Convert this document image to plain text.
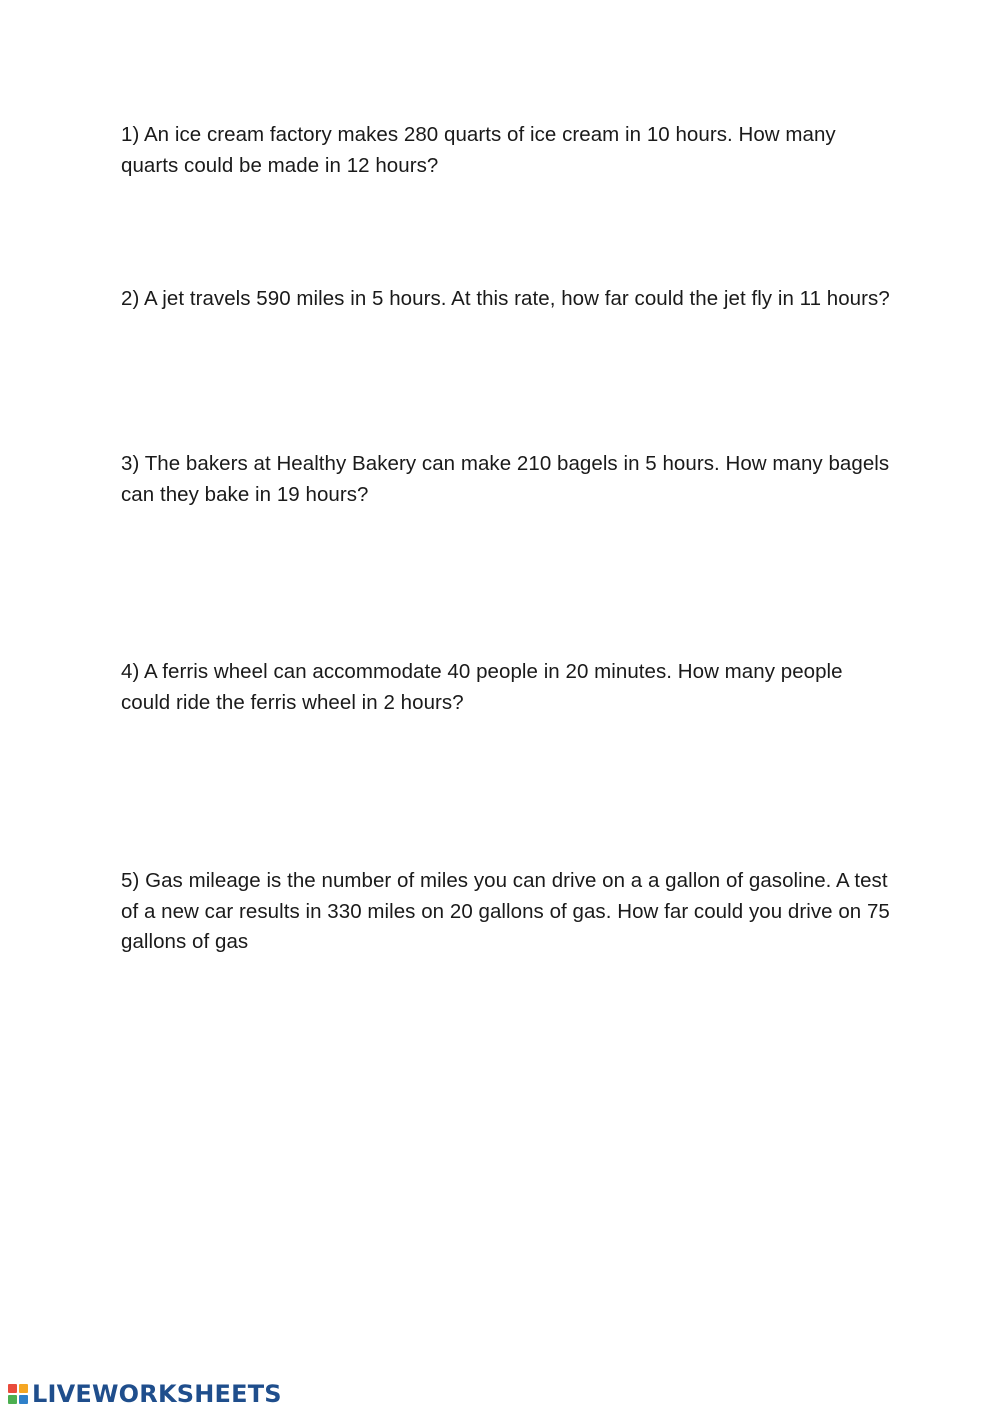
1) An ice cream factory makes 280 quarts of ice cream in 10 hours. How many quarts could be made in 12 hours?

2) A jet travels 590 miles in 5 hours. At this rate, how far could the jet fly in 11 hours?

3) The bakers at Healthy Bakery can make 210 bagels in 5 hours. How many bagels can they bake in 19 hours?

4) A ferris wheel can accommodate 40 people in 20 minutes. How many people could ride the ferris wheel in 2 hours?

5) Gas mileage is the number of miles you can drive on a a gallon of gasoline. A test of a new car results in 330 miles on 20 gallons of gas. How far could you drive on 75 gallons of gas

LIVEWORKSHEETS
